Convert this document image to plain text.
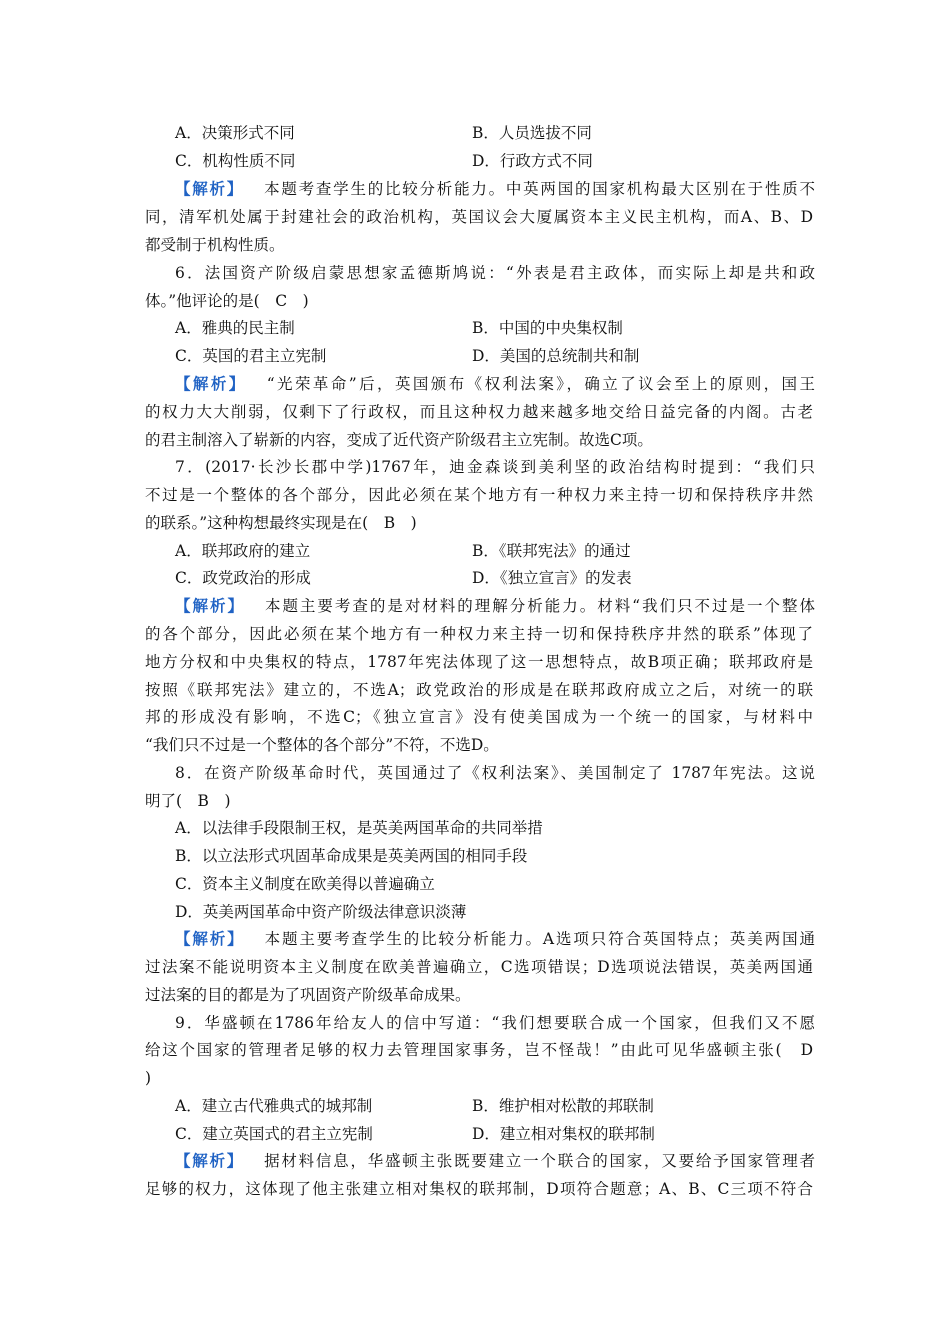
A．决策形式不同	B．人员选拔不同
C．机构性质不同	D．行政方式不同
【解析】 本题考查学生的比较分析能力。中英两国的国家机构最大区别在于性质不
同，清军机处属于封建社会的政治机构，英国议会大厦属资本主义民主机构，而A、B、D
都受制于机构性质。
6．法国资产阶级启蒙思想家孟德斯鸠说：“外表是君主政体，而实际上却是共和政
体。”他评论的是(　C　)
A．雅典的民主制	B．中国的中央集权制
C．英国的君主立宪制	D．美国的总统制共和制
【解析】 “光荣革命”后，英国颁布《权利法案》，确立了议会至上的原则，国王
的权力大大削弱，仅剩下了行政权，而且这种权力越来越多地交给日益完备的内阁。古老
的君主制溶入了崭新的内容，变成了近代资产阶级君主立宪制。故选C项。
7．(2017·长沙长郡中学)1767年，迪金森谈到美利坚的政治结构时提到：“我们只
不过是一个整体的各个部分，因此必须在某个地方有一种权力来主持一切和保持秩序井然
的联系。”这种构想最终实现是在(　B　)
A．联邦政府的建立	B．《联邦宪法》的通过
C．政党政治的形成	D．《独立宣言》的发表
【解析】 本题主要考查的是对材料的理解分析能力。材料“我们只不过是一个整体
的各个部分，因此必须在某个地方有一种权力来主持一切和保持秩序井然的联系”体现了
地方分权和中央集权的特点，1787年宪法体现了这一思想特点，故B项正确；联邦政府是
按照《联邦宪法》建立的，不选A；政党政治的形成是在联邦政府成立之后，对统一的联
邦的形成没有影响，不选C；《独立宣言》没有使美国成为一个统一的国家，与材料中
“我们只不过是一个整体的各个部分”不符，不选D。
8．在资产阶级革命时代，英国通过了《权利法案》、美国制定了 1787年宪法。这说
明了(　B　)
A．以法律手段限制王权，是英美两国革命的共同举措
B．以立法形式巩固革命成果是英美两国的相同手段
C．资本主义制度在欧美得以普遍确立
D．英美两国革命中资产阶级法律意识淡薄
【解析】 本题主要考查学生的比较分析能力。A选项只符合英国特点；英美两国通
过法案不能说明资本主义制度在欧美普遍确立，C选项错误；D选项说法错误，英美两国通
过法案的目的都是为了巩固资产阶级革命成果。
9．华盛顿在1786年给友人的信中写道：“我们想要联合成一个国家，但我们又不愿
给这个国家的管理者足够的权力去管理国家事务，岂不怪哉！”由此可见华盛顿主张(　D
)
A．建立古代雅典式的城邦制	B．维护相对松散的邦联制
C．建立英国式的君主立宪制	D．建立相对集权的联邦制
【解析】 据材料信息，华盛顿主张既要建立一个联合的国家，又要给予国家管理者
足够的权力，这体现了他主张建立相对集权的联邦制，D项符合题意；A、B、C三项不符合
